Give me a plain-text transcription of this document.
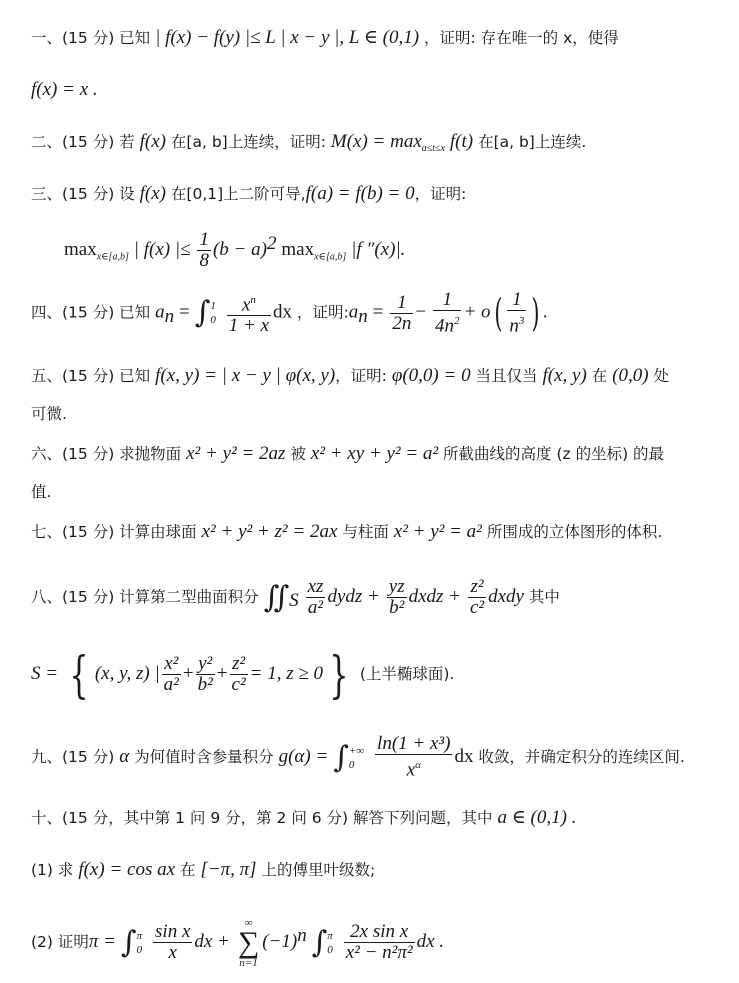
一、(15 分) 已知 | f(x) − f(y) |≤ L | x − y |, L ∈ (0,1) ，证明: 存在唯一的 x，使得
f(x) = x .
二、(15 分) 若 f(x) 在[a, b]上连续，证明: $M(x) = \max_{a\le t\le x} f(t)$ 在[a, b]上连续.
三、(15 分) 设 f(x) 在[0,1]上二阶可导,f(a) = f(b) = 0，证明:
$\max_{x\in[a,b]}$ | f(x) |≤ $\frac{1}{8} (b - a)^2$ $\max_{x\in[a,b]} |f$ ″(x)|.
四、(15 分) 已知 $a_n$ = ∫ 1
0
$\frac{x^n}{1 + x}$ dx ，证明$:a_n = \frac{1}{2n} - \frac{1}{4n^2} + o( \frac{1}{n^3}$ ) .
五、(15 分) 已知 f(x, y) = | x − y | φ(x, y)，证明: φ(0,0) = 0 当且仅当 f(x, y) 在 (0,0) 处
可微.
六、(15 分) 求抛物面 x² + y² = 2az 被 x² + xy + y² = a² 所截曲线的高度 (z 的坐标) 的最
值.
七、(15 分) 计算由球面 x² + y² + z² = 2ax 与柱面 x² + y² = a² 所围成的立体图形的体积.
八、(15 分) 计算第二型曲面积分 $∬_S \frac{xz}{\text{a²}}$ dydz + $\frac{yz}{\text{b²}}$ dxdz + $\frac{\text{z²}}{\text{c²}}$ dxdy 其中
S = { (x, y, z) | $\frac{\text{x²}}{\text{a²}} + \frac{\text{y²}}{\text{b²}} + \frac{\text{z²}}{\text{c²}} = 1$, z ≥ 0 } (上半椭球面).
九、(15 分) α 为何值时含参量积分 g(α) = ∫ +∞
0
	$\frac{\text{ln(1 + x³)}}{x^\alpha}$ dx 收敛，并确定积分的连续区间.
十、(15 分，其中第 1 问 9 分，第 2 问 6 分) 解答下列问题，其中 a ∈ (0,1) .
(1) 求 f(x) = cos ax 在 [−π, π] 上的傅里叶级数;
(2) 证明π = ∫ π
0
$\frac{\text{sin x}}{x}$ dx +
∞
∑
n=1
$(-1)^n$ ∫ π
0
$\frac{\text{2x sin x}}{\text{x² − n²π²}}$ dx .
